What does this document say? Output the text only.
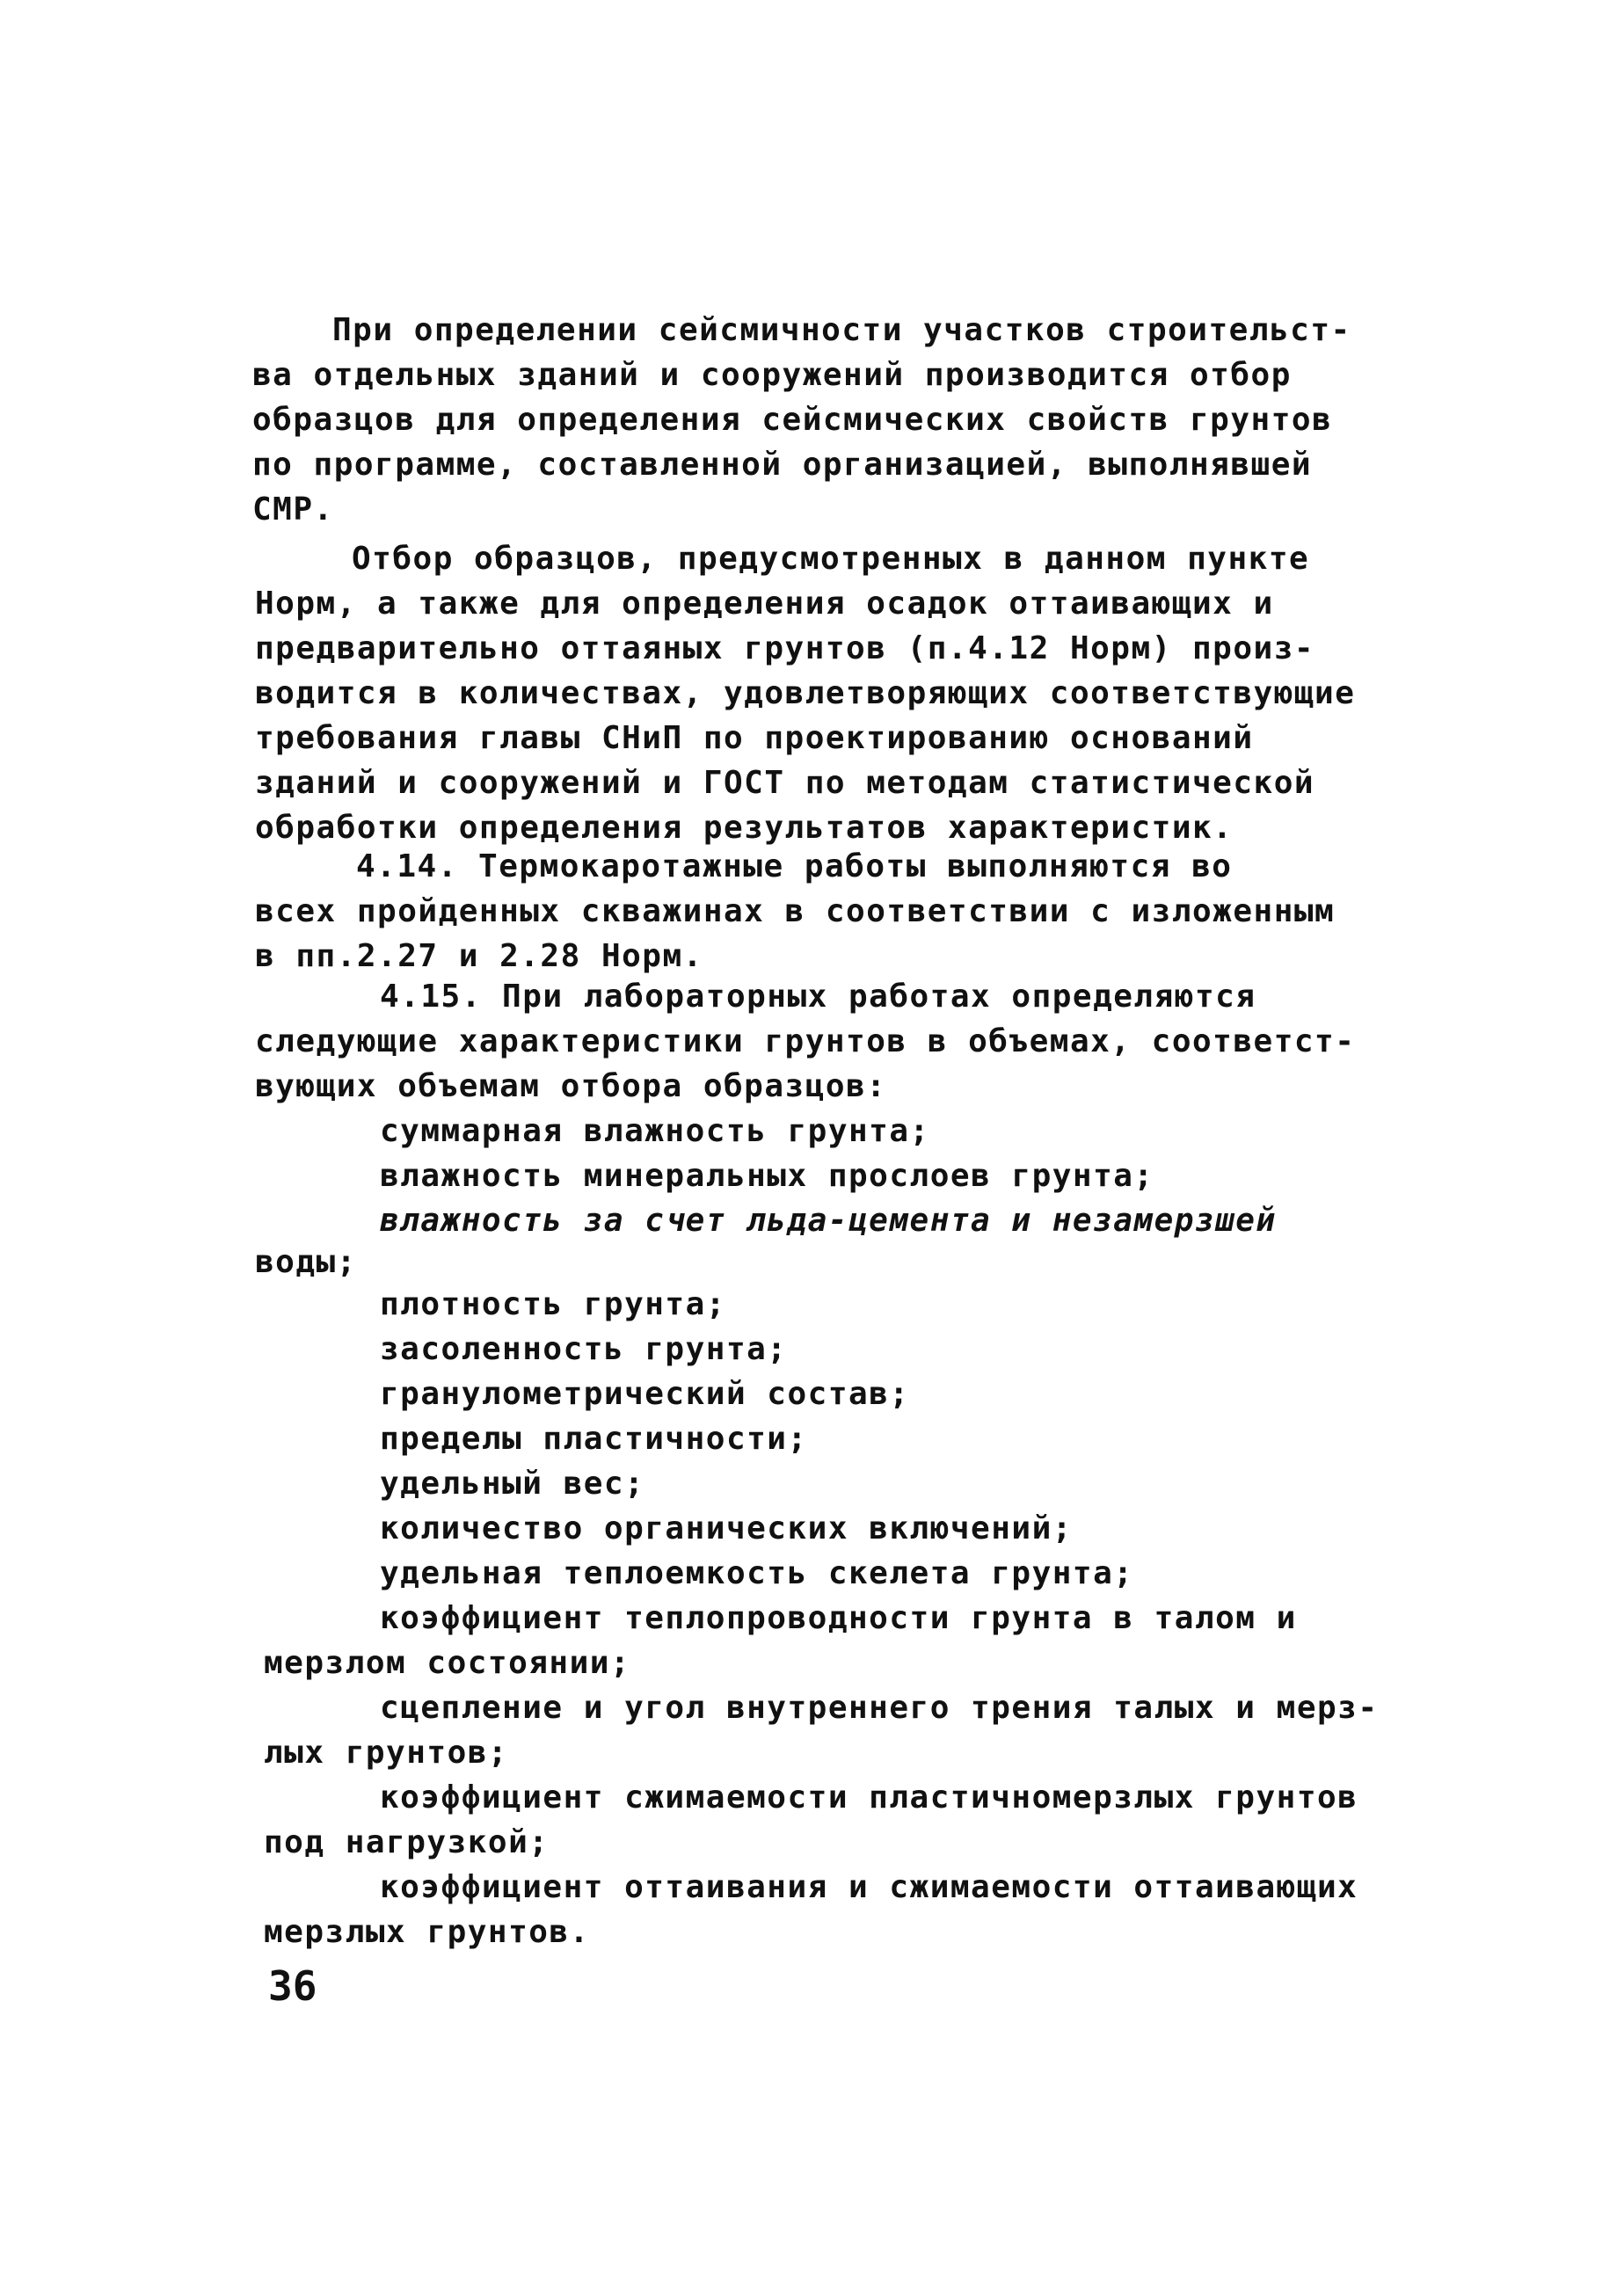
При определении сейсмичности участков строительст-
ва отдельных зданий и сооружений производится отбор
образцов для определения сейсмических свойств грунтов
по программе, составленной организацией, выполнявшей
СМР.
Отбор образцов, предусмотренных в данном пункте
Норм, а также для определения осадок оттаивающих и
предварительно оттаяных грунтов (п.4.12 Норм) произ-
водится в количествах, удовлетворяющих соответствующие
требования главы СНиП по проектированию оснований
зданий и сооружений и ГОСТ по методам статистической
обработки определения результатов характеристик.
4.14. Термокаротажные работы выполняются во
всех пройденных скважинах в соответствии с изложенным
в пп.2.27 и 2.28 Норм.
4.15. При лабораторных работах определяются
следующие характеристики грунтов в объемах, соответст-
вующих объемам отбора образцов:
суммарная влажность грунта;
влажность минеральных прослоев грунта;
влажность за счет льда-цемента и незамерзшей
воды;
плотность грунта;
засоленность грунта;
гранулометрический состав;
пределы пластичности;
удельный вес;
количество органических включений;
удельная теплоемкость скелета грунта;
коэффициент теплопроводности грунта в талом и
мерзлом состоянии;
сцепление и угол внутреннего трения талых и мерз-
лых грунтов;
коэффициент сжимаемости пластичномерзлых грунтов
под нагрузкой;
коэффициент оттаивания и сжимаемости оттаивающих
мерзлых грунтов.
36
